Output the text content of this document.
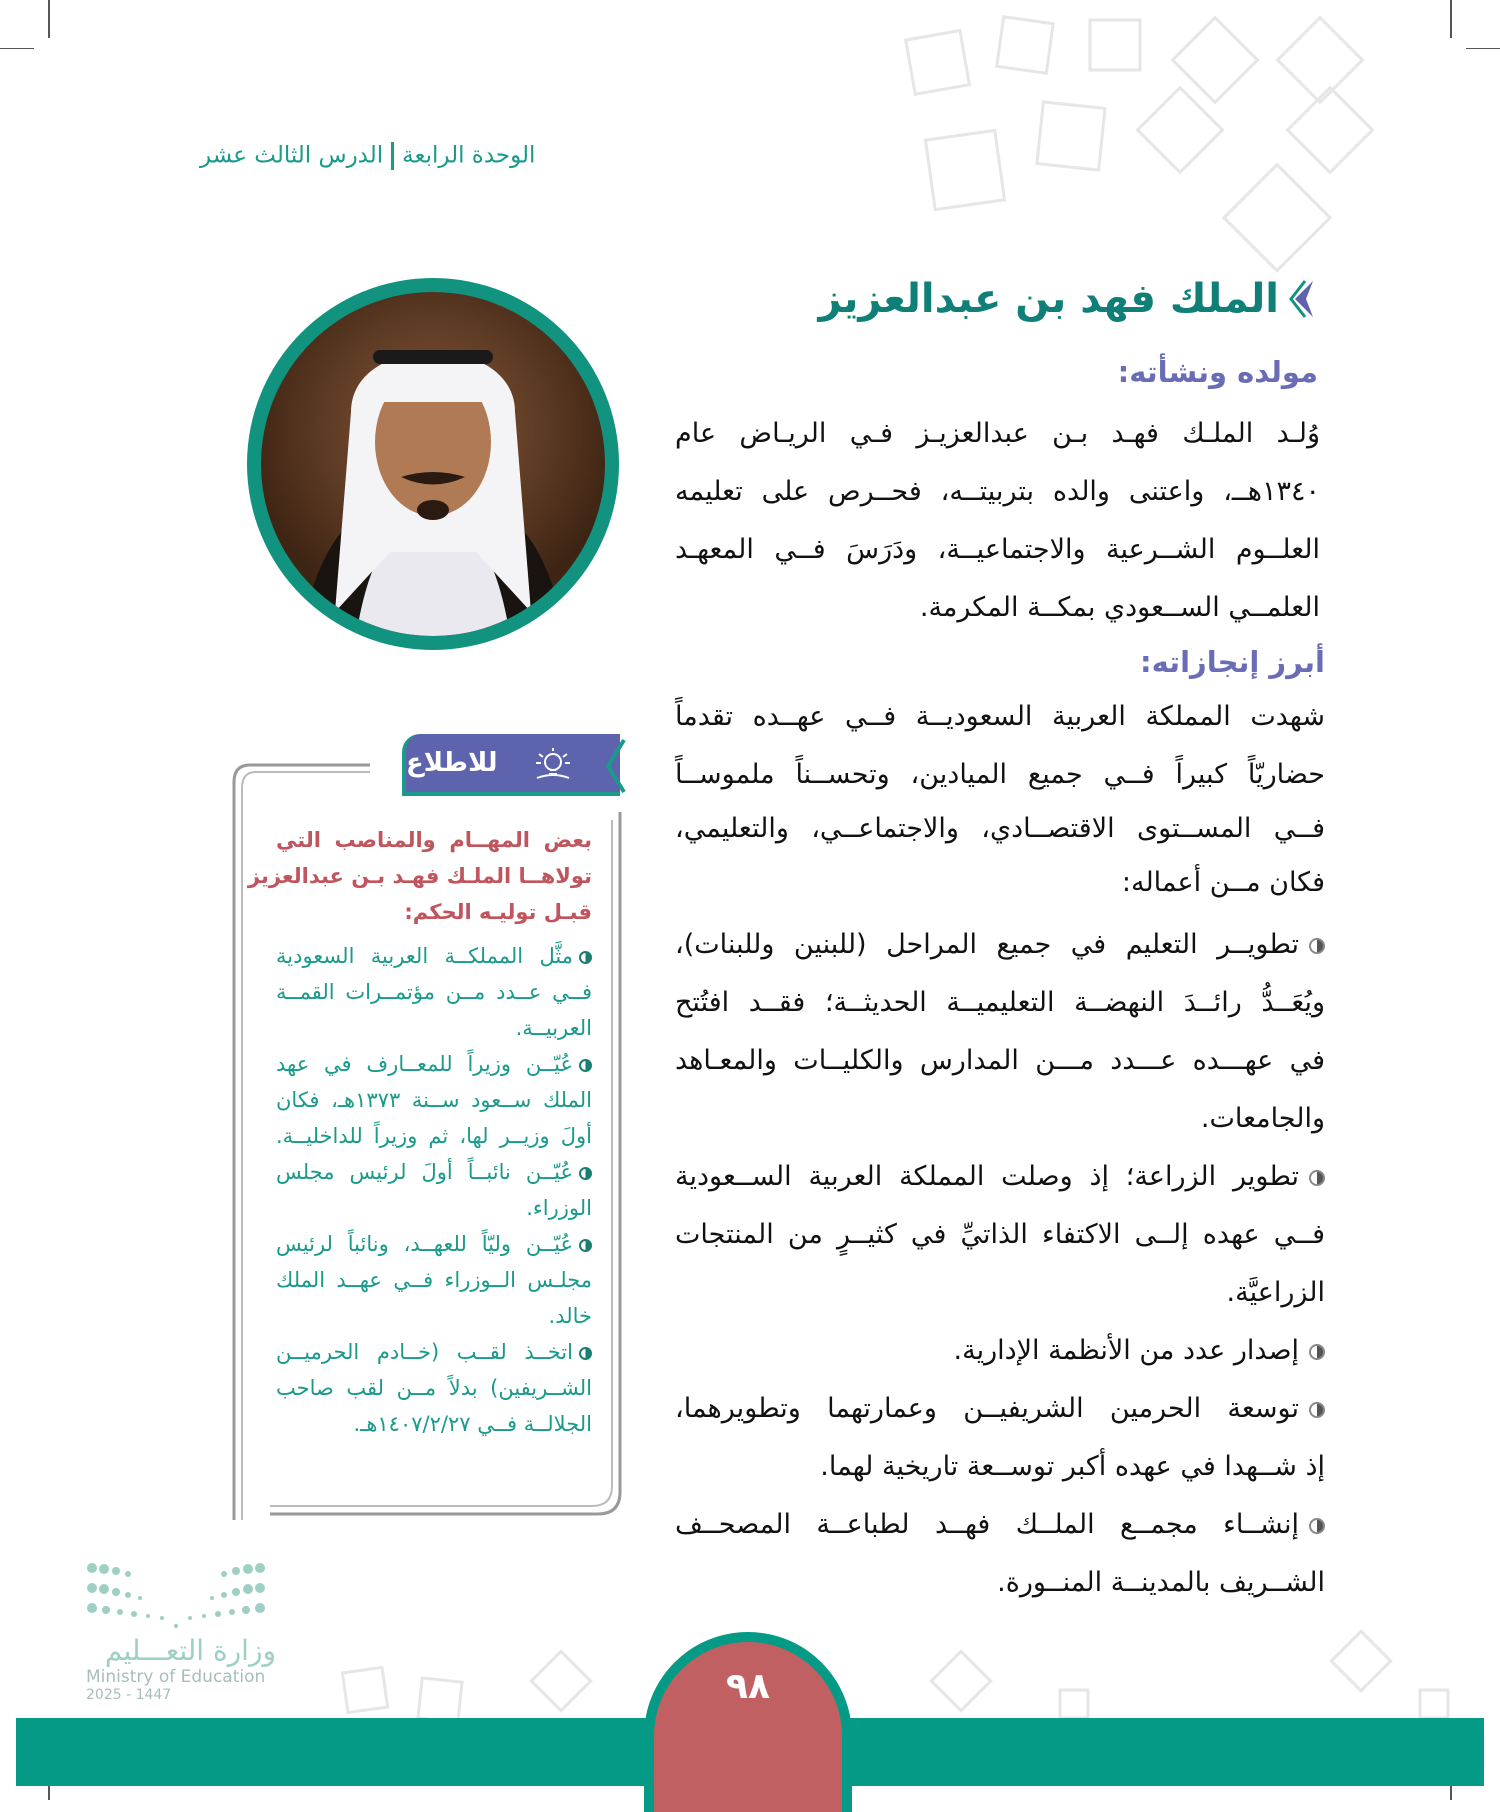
الوحدة الرابعةالدرس الثالث عشر
الملك فهد بن عبدالعزيز
مولده ونشأته:
وُلـد الملـك فهـد بـن عبدالعزيـز فـي الريـاض عام
١٣٤٠هــ، واعتنى والده بتربيتــه، فحــرص على تعليمه
العلــوم الشــرعية والاجتماعيــة، ودَرَسَ فــي المعهـد
العلمــي الســعودي بمكــة المكرمة.
أبرز إنجازاته:
شهدت المملكة العربية السعوديــة فــي عهــده تقدماً
حضاريّاً كبيراً فــي جميع الميادين، وتحســناً ملموســاً
فــي المســتوى الاقتصــادي، والاجتماعــي، والتعليمي،
فكان مــن أعماله:
تطويــر التعليم في جميع المراحل (للبنين وللبنات)،
ويُعَــدُّ رائــدَ النهضــة التعليميــة الحديثــة؛ فقــد افتُتح
في عهـــده عـــدد مـــن المدارس والكليــات والمعـاهد
والجامعات.
تطوير الزراعة؛ إذ وصلت المملكة العربية الســعودية
فــي عهده إلــى الاكتفاء الذاتيِّ في كثيــرٍ من المنتجات
الزراعيَّة.
إصدار عدد من الأنظمة الإدارية.
توسعة الحرمين الشريفيــن وعمارتهما وتطويرهما،
إذ شــهدا في عهده أكبر توســعة تاريخية لهما.
إنشــاء مجمــع الملــك فهــد لطباعــة المصحــف
الشــريف بالمدينــة المنــورة.
للاطلاع
بعض المهــام والمناصب التي
تولاهــا الملـك فهـد بـن عبدالعزيز
قبـل توليـه الحكم:
مثَّل المملكــة العربية السعودية
فــي عــدد مــن مؤتمــرات القمــة
العربيــة.
عُيّــن وزيراً للمعــارف في عهد
الملك ســعود ســنة ١٣٧٣هـ، فكان
أولَ وزيــر لها، ثم وزيراً للداخليــة.
عُيّــن نائبــاً أولَ لرئيس مجلس
الوزراء.
عُيّــن وليّاً للعهــد، ونائباً لرئيس
مجلـس الــوزراء فــي عهــد الملك
خالد.
اتخــذ لقــب (خــادم الحرميــن
الشــريفين) بدلاً مــن لقب صاحب
الجلالــة فــي ١٤٠٧/٢/٢٧هـ.
٩٨
وزارة التعـــليم
Ministry of Education
2025 - 1447
